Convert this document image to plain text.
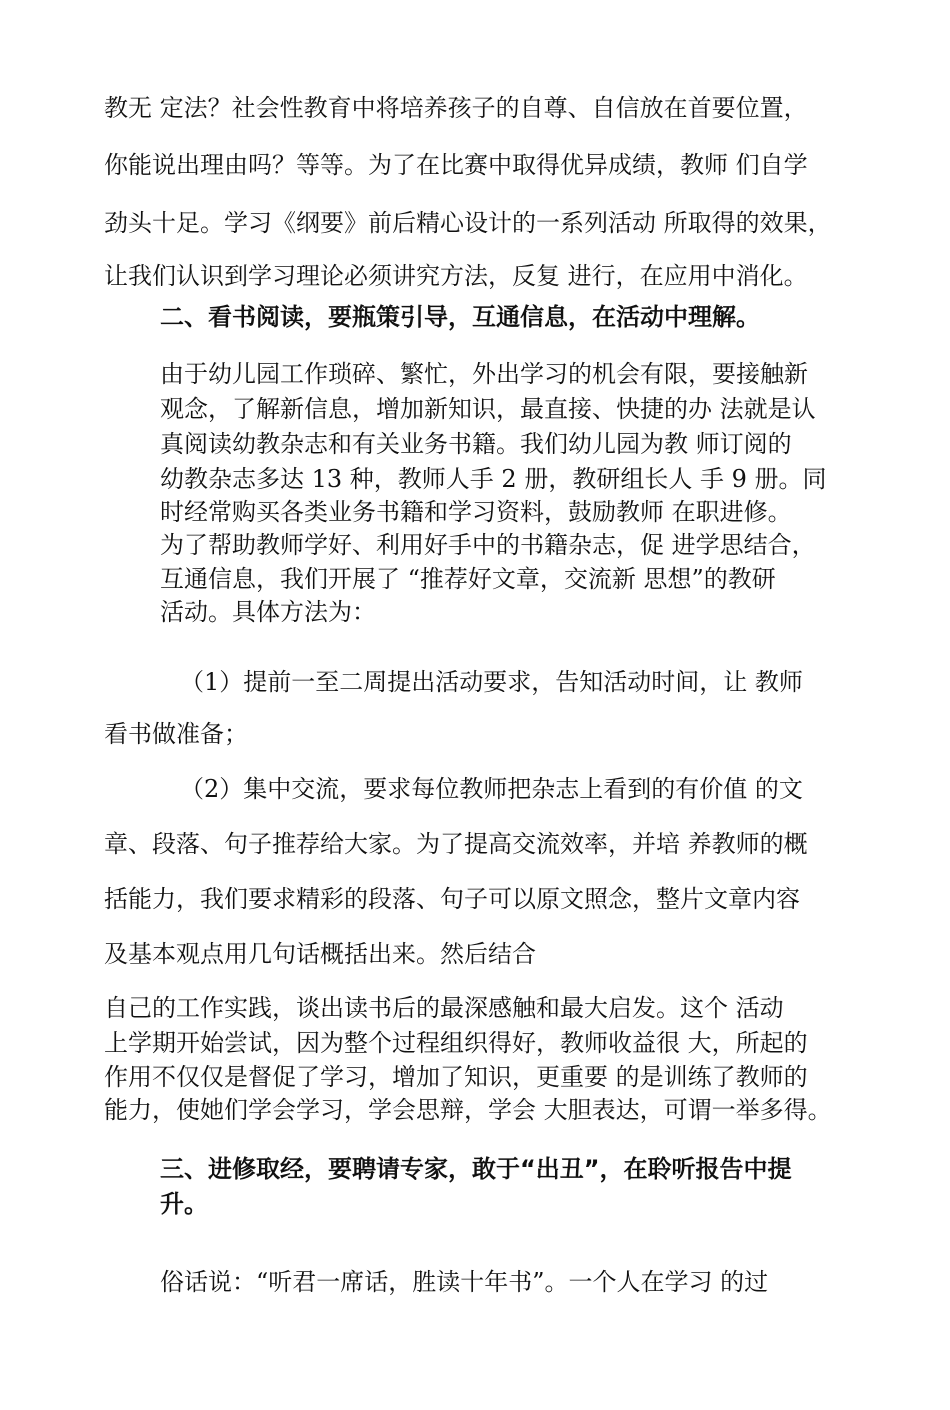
教无 定法？社会性教育中将培养孩子的自尊、自信放在首要位置，
你能说出理由吗？等等。为了在比赛中取得优异成绩，教师 们自学
劲头十足。学习《纲要》前后精心设计的一系列活动 所取得的效果，
让我们认识到学习理论必须讲究方法，反复 进行，在应用中消化。
二、看书阅读，要瓶策引导，互通信息，在活动中理解。
由于幼儿园工作琐碎、繁忙，外出学习的机会有限，要接触新
观念，了解新信息，增加新知识，最直接、快捷的办 法就是认
真阅读幼教杂志和有关业务书籍。我们幼儿园为教 师订阅的
幼教杂志多达 13 种，教师人手 2 册，教研组长人 手 9 册。同
时经常购买各类业务书籍和学习资料，鼓励教师 在职进修。
为了帮助教师学好、利用好手中的书籍杂志，促 进学思结合，
互通信息，我们开展了 “推荐好文章，交流新 思想”的教研
活动。具体方法为：
（1）提前一至二周提出活动要求，告知活动时间，让 教师
看书做准备；
（2）集中交流，要求每位教师把杂志上看到的有价值 的文
章、段落、句子推荐给大家。为了提高交流效率，并培 养教师的概
括能力，我们要求精彩的段落、句子可以原文照念，整片文章内容
及基本观点用几句话概括出来。然后结合
自己的工作实践，谈出读书后的最深感触和最大启发。这个 活动
上学期开始尝试，因为整个过程组织得好，教师收益很 大，所起的
作用不仅仅是督促了学习，增加了知识，更重要 的是训练了教师的
能力，使她们学会学习，学会思辩，学会 大胆表达，可谓一举多得。
三、进修取经，要聘请专家，敢于“出丑”，在聆听报告中提
升。
俗话说：“听君一席话，胜读十年书”。一个人在学习 的过
